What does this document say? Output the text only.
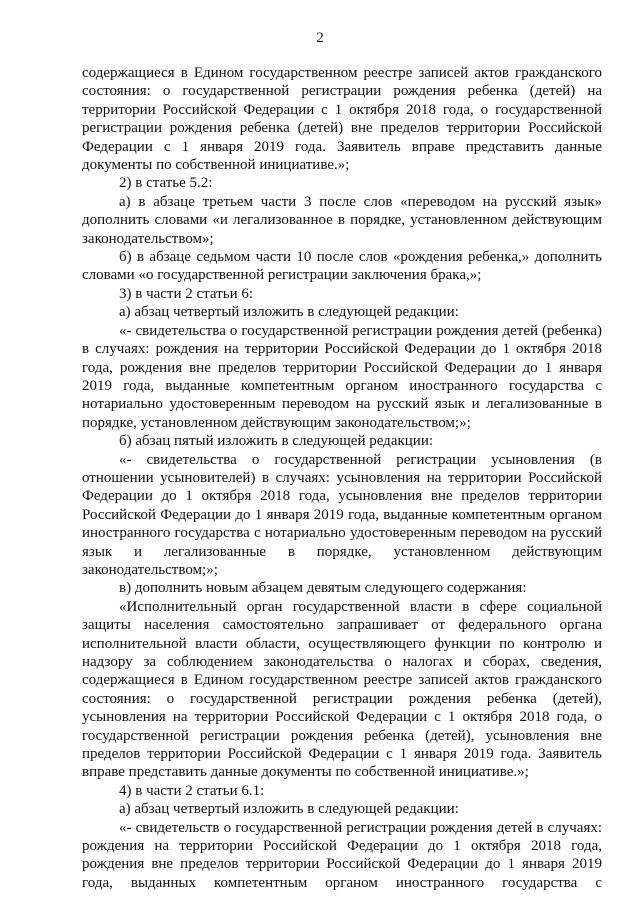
2

содержащиеся в Едином государственном реестре записей актов гражданского состояния: о государственной регистрации рождения ребенка (детей) на территории Российской Федерации с 1 октября 2018 года, о государственной регистрации рождения ребенка (детей) вне пределов территории Российской Федерации с 1 января 2019 года. Заявитель вправе представить данные документы по собственной инициативе.»;

2) в статье 5.2:

а) в абзаце третьем части 3 после слов «переводом на русский язык» дополнить словами «и легализованное в порядке, установленном действующим законодательством»;

б) в абзаце седьмом части 10 после слов «рождения ребенка,» дополнить словами «о государственной регистрации заключения брака,»;

3) в части 2 статьи 6:

а) абзац четвертый изложить в следующей редакции:

«- свидетельства о государственной регистрации рождения детей (ребенка) в случаях: рождения на территории Российской Федерации до 1 октября 2018 года, рождения вне пределов территории Российской Федерации до 1 января 2019 года, выданные компетентным органом иностранного государства с нотариально удостоверенным переводом на русский язык и легализованные в порядке, установленном действующим законодательством;»;

б) абзац пятый изложить в следующей редакции:

«- свидетельства о государственной регистрации усыновления (в отношении усыновителей) в случаях: усыновления на территории Российской Федерации до 1 октября 2018 года, усыновления вне пределов территории Российской Федерации до 1 января 2019 года, выданные компетентным органом иностранного государства с нотариально удостоверенным переводом на русский язык и легализованные в порядке, установленном действующим законодательством;»;

в) дополнить новым абзацем девятым следующего содержания:

«Исполнительный орган государственной власти в сфере социальной защиты населения самостоятельно запрашивает от федерального органа исполнительной власти области, осуществляющего функции по контролю и надзору за соблюдением законодательства о налогах и сборах, сведения, содержащиеся в Едином государственном реестре записей актов гражданского состояния: о государственной регистрации рождения ребенка (детей), усыновления на территории Российской Федерации с 1 октября 2018 года, о государственной регистрации рождения ребенка (детей), усыновления вне пределов территории Российской Федерации с 1 января 2019 года. Заявитель вправе представить данные документы по собственной инициативе.»;

4) в части 2 статьи 6.1:

а) абзац четвертый изложить в следующей редакции:

«- свидетельств о государственной регистрации рождения детей в случаях: рождения на территории Российской Федерации до 1 октября 2018 года, рождения вне пределов территории Российской Федерации до 1 января 2019 года, выданных компетентным органом иностранного государства с
